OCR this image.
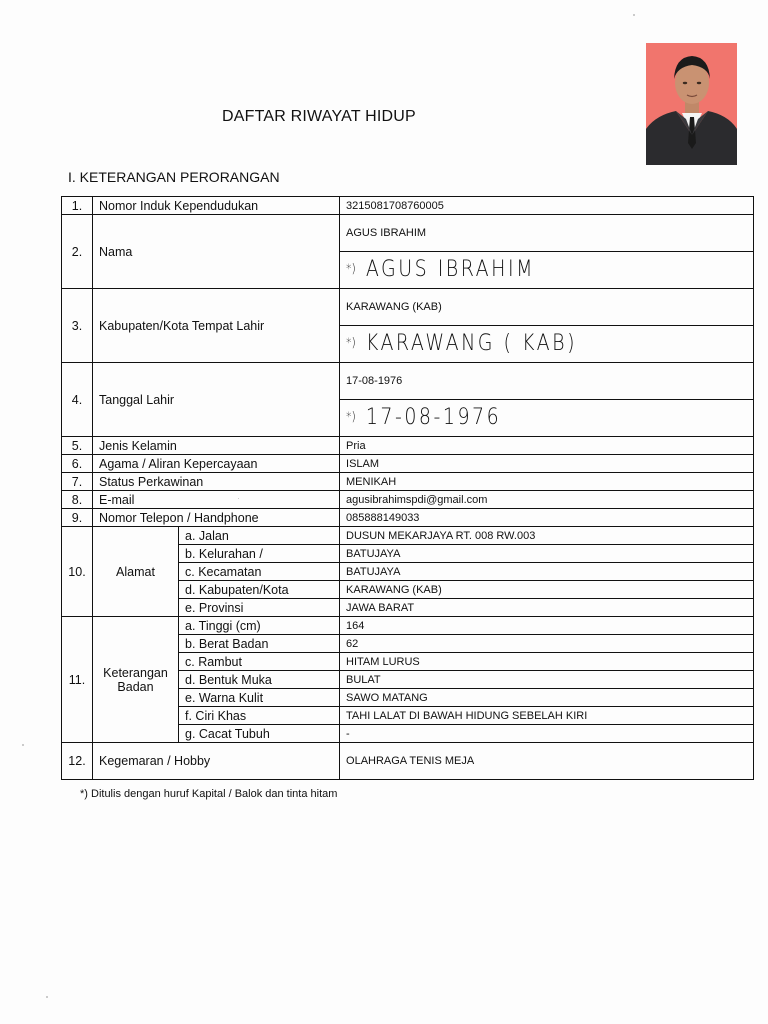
DAFTAR RIWAYAT HIDUP
I. KETERANGAN PERORANGAN
1.	Nomor Induk Kependudukan		3215081708760005
2.	Nama		AGUS IBRAHIM
			*) AGUS IBRAHIM
3.	Kabupaten/Kota Tempat Lahir		KARAWANG (KAB)
			*) KARAWANG ( KAB)
4.	Tanggal Lahir		17-08-1976
			*) 17-08-1976
5.	Jenis Kelamin		Pria
6.	Agama / Aliran Kepercayaan		ISLAM
7.	Status Perkawinan		MENIKAH
8.	E-mail		agusibrahimspdi@gmail.com
9.	Nomor Telepon / Handphone		085888149033
10.	Alamat	a. Jalan	DUSUN MEKARJAYA RT. 008 RW.003
		b. Kelurahan /	BATUJAYA
		c. Kecamatan	BATUJAYA
		d. Kabupaten/Kota	KARAWANG (KAB)
		e. Provinsi	JAWA BARAT
11.	Keterangan
Badan	a. Tinggi (cm)	164
		b. Berat Badan	62
		c. Rambut	HITAM LURUS
		d. Bentuk Muka	BULAT
		e. Warna Kulit	SAWO MATANG
		f. Ciri Khas	TAHI LALAT DI BAWAH HIDUNG SEBELAH KIRI
		g. Cacat Tubuh	-
12.	Kegemaran / Hobby		OLAHRAGA TENIS MEJA
*) Ditulis dengan huruf Kapital / Balok dan tinta hitam
